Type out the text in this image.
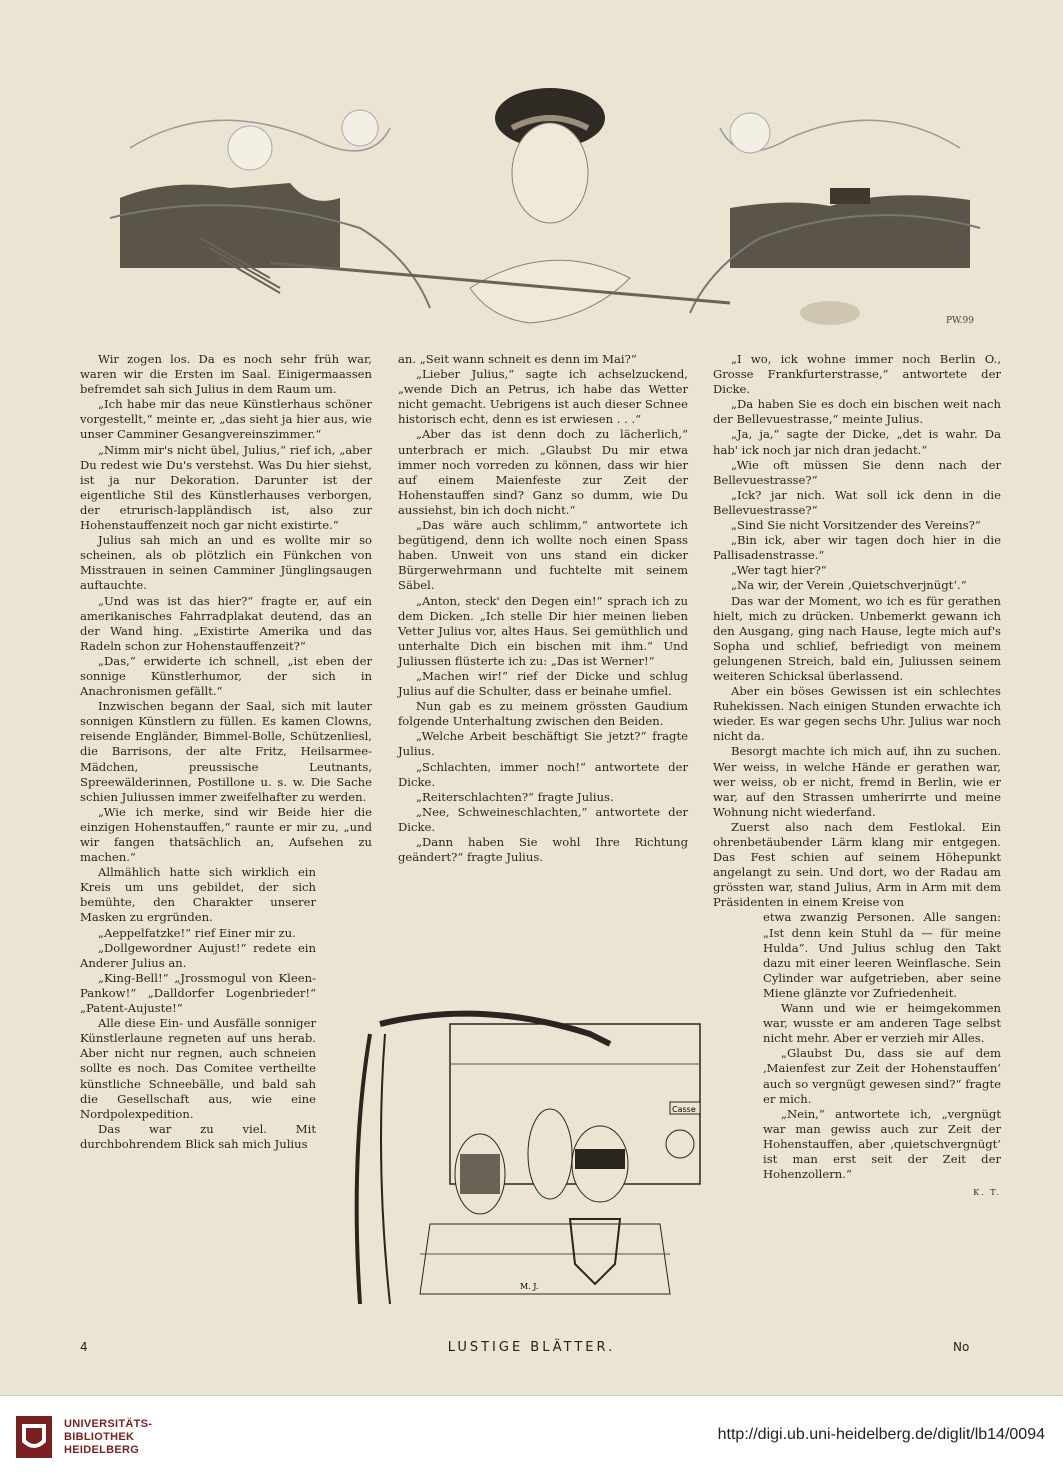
PW.99

Wir zogen los. Da es noch sehr früh war, waren wir die Ersten im Saal. Einigermaassen befremdet sah sich Julius in dem Raum um.

„Ich habe mir das neue Künstlerhaus schöner vorgestellt,“ meinte er, „das sieht ja hier aus, wie unser Camminer Gesangvereinszimmer.“

„Nimm mir's nicht übel, Julius,“ rief ich, „aber Du redest wie Du's verstehst. Was Du hier siehst, ist ja nur Dekoration. Darunter ist der eigentliche Stil des Künstlerhauses verborgen, der etrurisch-lappländisch ist, also zur Hohenstauffenzeit noch gar nicht existirte.“

Julius sah mich an und es wollte mir so scheinen, als ob plötzlich ein Fünkchen von Misstrauen in seinen Camminer Jünglingsaugen auftauchte.

„Und was ist das hier?“ fragte er, auf ein amerikanisches Fahrradplakat deutend, das an der Wand hing. „Existirte Amerika und das Radeln schon zur Hohenstauffenzeit?“

„Das,“ erwiderte ich schnell, „ist eben der sonnige Künstlerhumor, der sich in Anachronismen gefällt.“

Inzwischen begann der Saal, sich mit lauter sonnigen Künstlern zu füllen. Es kamen Clowns, reisende Engländer, Bimmel-Bolle, Schützenliesl, die Barrisons, der alte Fritz, Heilsarmee-Mädchen, preussische Leutnants, Spreewälderinnen, Postillone u. s. w. Die Sache schien Juliussen immer zweifelhafter zu werden.

„Wie ich merke, sind wir Beide hier die einzigen Hohenstauffen,“ raunte er mir zu, „und wir fangen thatsächlich an, Aufsehen zu machen.“

Allmählich hatte sich wirklich ein Kreis um uns gebildet, der sich bemühte, den Charakter unserer Masken zu ergründen.

„Aeppelfatzke!“ rief Einer mir zu.

„Dollgewordner Aujust!“ redete ein Anderer Julius an.

„King-Bell!“ „Jrossmogul von Kleen-Pankow!“ „Dalldorfer Logenbrieder!“ „Patent-Aujuste!“

Alle diese Ein- und Ausfälle sonniger Künstlerlaune regneten auf uns herab. Aber nicht nur regnen, auch schneien sollte es noch. Das Comitee vertheilte künstliche Schneebälle, und bald sah die Gesellschaft aus, wie eine Nordpolexpedition.

Das war zu viel. Mit durchbohrendem Blick sah mich Julius

an. „Seit wann schneit es denn im Mai?“

„Lieber Julius,“ sagte ich achselzuckend, „wende Dich an Petrus, ich habe das Wetter nicht gemacht. Uebrigens ist auch dieser Schnee historisch echt, denn es ist erwiesen . . .“

„Aber das ist denn doch zu lächerlich,“ unterbrach er mich. „Glaubst Du mir etwa immer noch vorreden zu können, dass wir hier auf einem Maienfeste zur Zeit der Hohenstauffen sind? Ganz so dumm, wie Du aussiehst, bin ich doch nicht.“

„Das wäre auch schlimm,“ antwortete ich begütigend, denn ich wollte noch einen Spass haben. Unweit von uns stand ein dicker Bürgerwehrmann und fuchtelte mit seinem Säbel.

„Anton, steck' den Degen ein!“ sprach ich zu dem Dicken. „Ich stelle Dir hier meinen lieben Vetter Julius vor, altes Haus. Sei gemüthlich und unterhalte Dich ein bischen mit ihm.“ Und Juliussen flüsterte ich zu: „Das ist Werner!“

„Machen wir!“ rief der Dicke und schlug Julius auf die Schulter, dass er beinahe umfiel.

Nun gab es zu meinem grössten Gaudium folgende Unterhaltung zwischen den Beiden.

„Welche Arbeit beschäftigt Sie jetzt?“ fragte Julius.

„Schlachten, immer noch!“ antwortete der Dicke.

„Reiterschlachten?“ fragte Julius.

„Nee, Schweineschlachten,“ antwortete der Dicke.

„Dann haben Sie wohl Ihre Richtung geändert?“ fragte Julius.

„I wo, ick wohne immer noch Berlin O., Grosse Frankfurterstrasse,“ antwortete der Dicke.

„Da haben Sie es doch ein bischen weit nach der Bellevuestrasse,“ meinte Julius.

„Ja, ja,“ sagte der Dicke, „det is wahr. Da hab' ick noch jar nich dran jedacht.“

„Wie oft müssen Sie denn nach der Bellevuestrasse?“

„Ick? jar nich. Wat soll ick denn in die Bellevuestrasse?“

„Sind Sie nicht Vorsitzender des Vereins?“

„Bin ick, aber wir tagen doch hier in die Pallisadenstrasse.“

„Wer tagt hier?“

„Na wir, der Verein ‚Quietschverjnügt‘.“

Das war der Moment, wo ich es für gerathen hielt, mich zu drücken. Unbemerkt gewann ich den Ausgang, ging nach Hause, legte mich auf's Sopha und schlief, befriedigt von meinem gelungenen Streich, bald ein, Juliussen seinem weiteren Schicksal überlassend.

Aber ein böses Gewissen ist ein schlechtes Ruhekissen. Nach einigen Stunden erwachte ich wieder. Es war gegen sechs Uhr. Julius war noch nicht da.

Besorgt machte ich mich auf, ihn zu suchen. Wer weiss, in welche Hände er gerathen war, wer weiss, ob er nicht, fremd in Berlin, wie er war, auf den Strassen umherirrte und meine Wohnung nicht wiederfand.

Zuerst also nach dem Festlokal. Ein ohrenbetäubender Lärm klang mir entgegen. Das Fest schien auf seinem Höhepunkt angelangt zu sein. Und dort, wo der Radau am grössten war, stand Julius, Arm in Arm mit dem Präsidenten in einem Kreise von

etwa zwanzig Personen. Alle sangen: „Ist denn kein Stuhl da — für meine Hulda“. Und Julius schlug den Takt dazu mit einer leeren Weinflasche. Sein Cylinder war aufgetrieben, aber seine Miene glänzte vor Zufriedenheit.

Wann und wie er heimgekommen war, wusste er am anderen Tage selbst nicht mehr. Aber er verzieh mir Alles.

„Glaubst Du, dass sie auf dem ‚Maienfest zur Zeit der Hohenstauffen‘ auch so vergnügt gewesen sind?“ fragte er mich.

„Nein,“ antwortete ich, „vergnügt war man gewiss auch zur Zeit der Hohenstauffen, aber ‚quietschvergnügt‘ ist man erst seit der Zeit der Hohenzollern.“

K. T.
Casse
M. J.
4	LUSTIGE BLÄTTER.	No
UNIVERSITÄTS-
BIBLIOTHEK
HEIDELBERG
http://digi.ub.uni-heidelberg.de/diglit/lb14/0094
